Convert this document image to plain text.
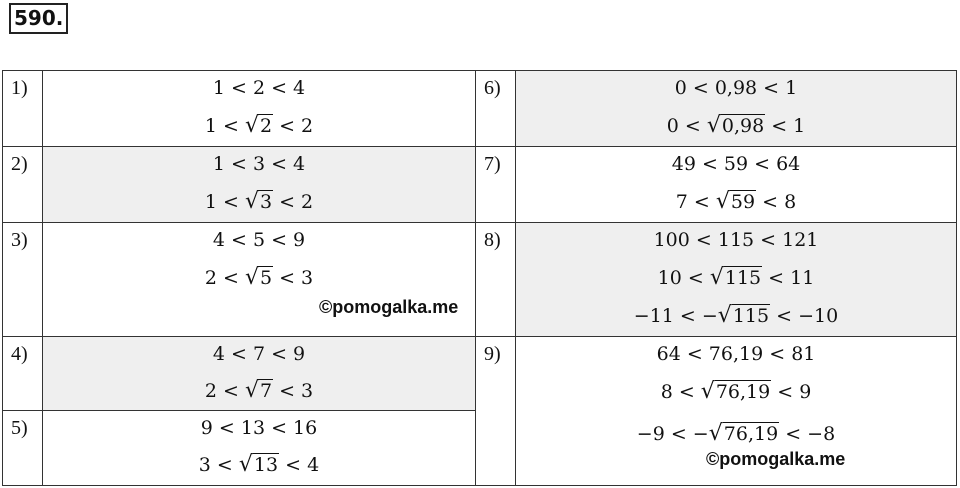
590.
1)	1 < 2 < 4
1 < √2 < 2
2)	1 < 3 < 4
1 < √3 < 2
3)	4 < 5 < 9
2 < √5 < 3
©pomogalka.me
4)	4 < 7 < 9
2 < √7 < 3
5)	9 < 13 < 16
3 < √13 < 4
6)	0 < 0,98 < 1
0 < √0,98 < 1
7)	49 < 59 < 64
7 < √59 < 8
8)	100 < 115 < 121
10 < √115 < 11
−11 < −√115 < −10
9)	64 < 76,19 < 81
8 < √76,19 < 9
−9 < −√76,19 < −8
©pomogalka.me
